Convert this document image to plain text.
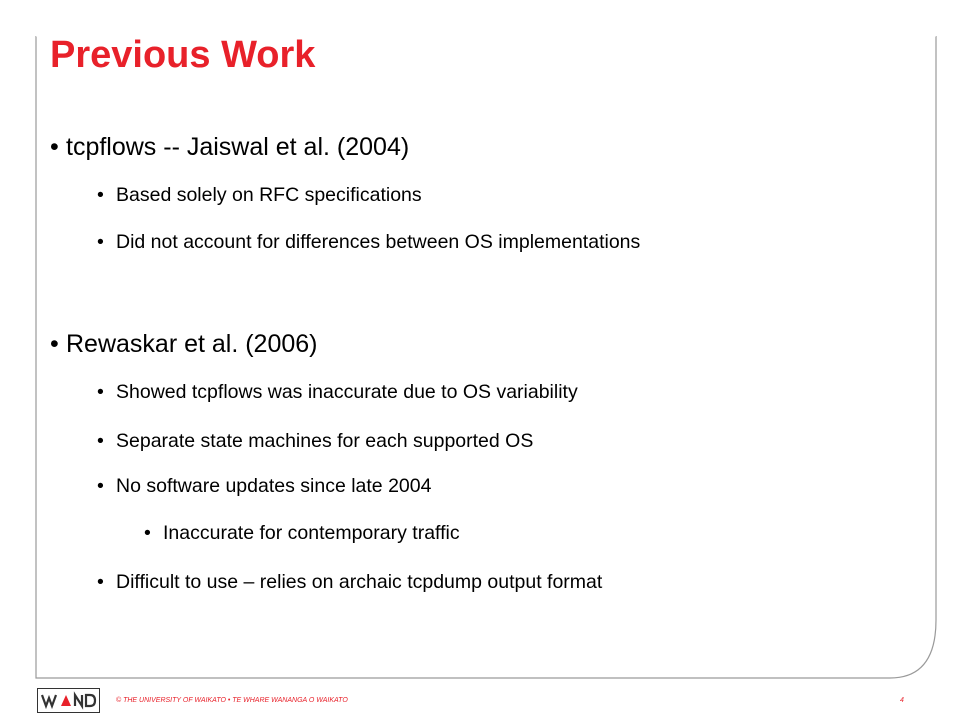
Previous Work
• tcpflows -- Jaiswal et al. (2004)
• Based solely on RFC specifications
• Did not account for differences between OS implementations
• Rewaskar et al. (2006)
• Showed tcpflows was inaccurate due to OS variability
• Separate state machines for each supported OS
• No software updates since late 2004
• Inaccurate for contemporary traffic
• Difficult to use – relies on archaic tcpdump output format
© THE UNIVERSITY OF WAIKATO • TE WHARE WANANGA O WAIKATO	4
